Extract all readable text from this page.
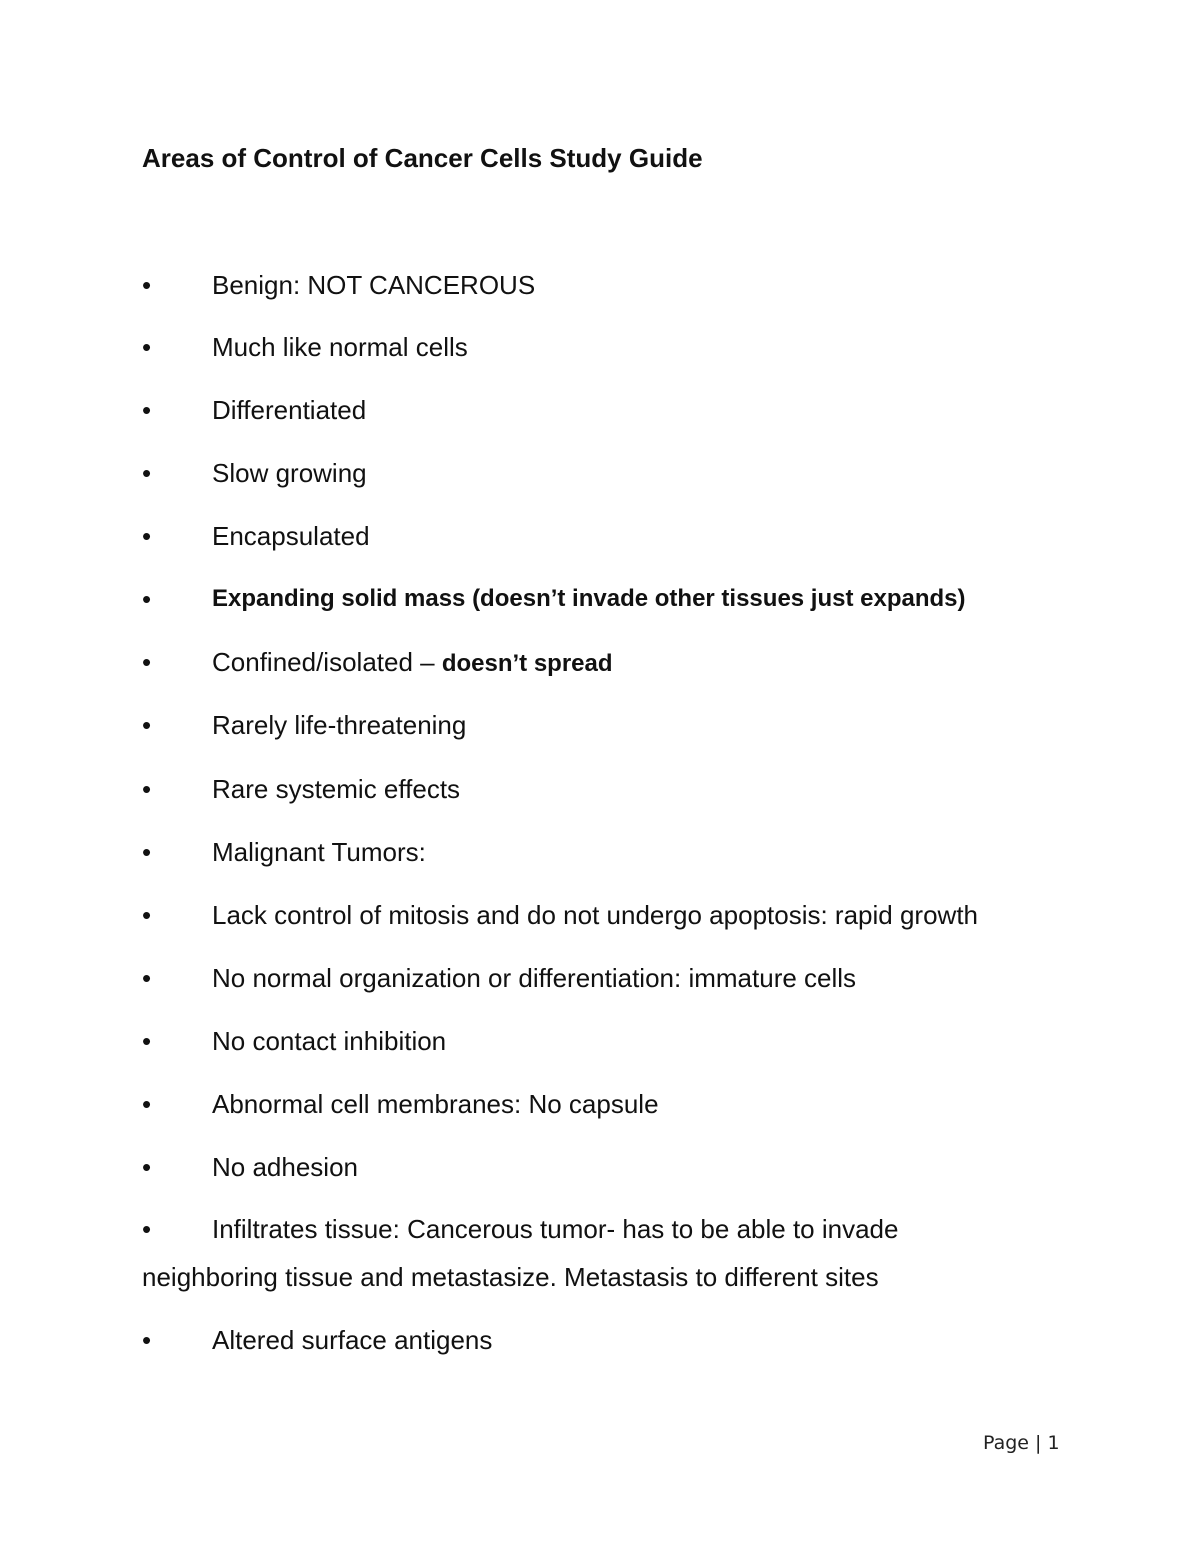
Areas of Control of Cancer Cells Study Guide
•	Benign: NOT CANCEROUS
•	Much like normal cells
•	Differentiated
•	Slow growing
•	Encapsulated
•	Expanding solid mass (doesn’t invade other tissues just expands)
•	Confined/isolated – doesn’t spread
•	Rarely life-threatening
•	Rare systemic effects
•	Malignant Tumors:
•	Lack control of mitosis and do not undergo apoptosis: rapid growth
•	No normal organization or differentiation: immature cells
•	No contact inhibition
•	Abnormal cell membranes: No capsule
•	No adhesion
•	Infiltrates tissue: Cancerous tumor- has to be able to invade
neighboring tissue and metastasize. Metastasis to different sites
•	Altered surface antigens
Page | 1
